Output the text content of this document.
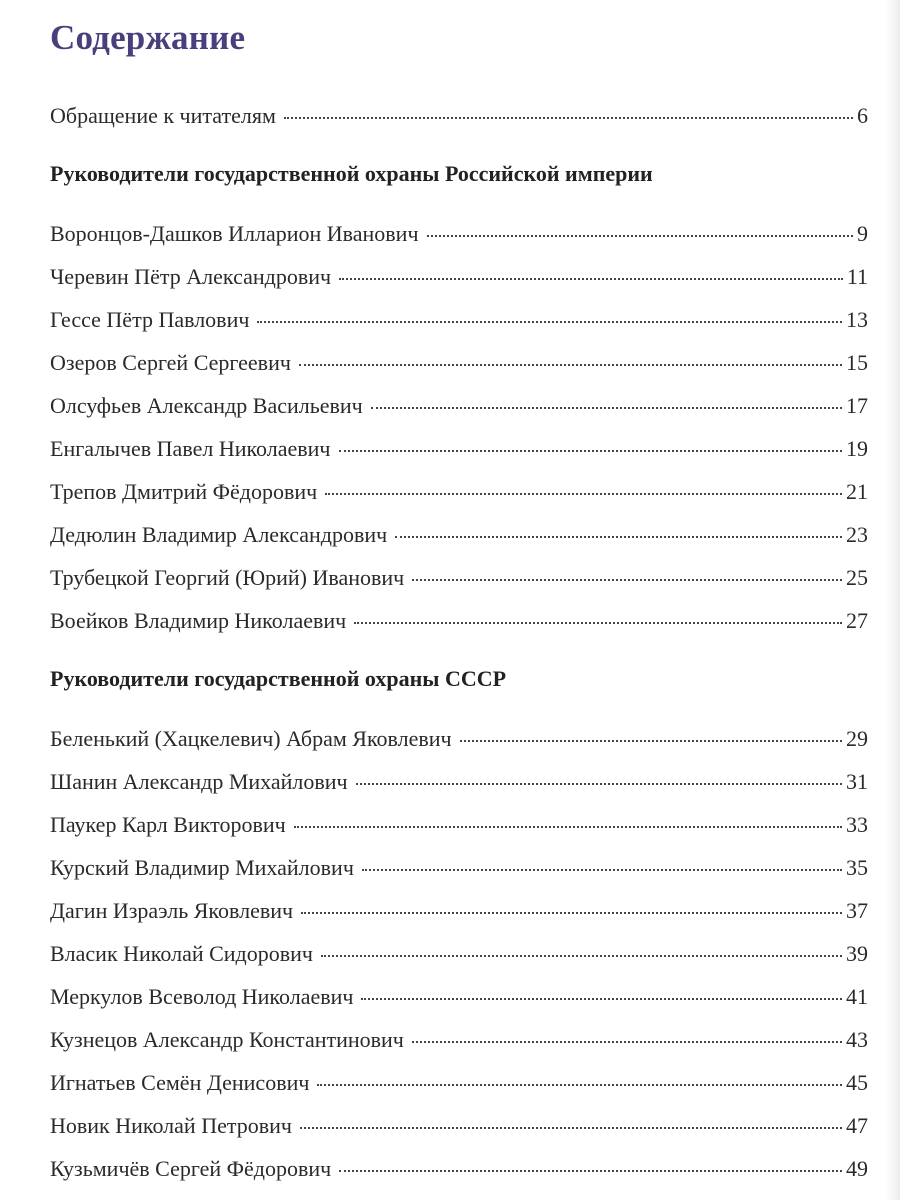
Содержание
Обращение к читателям	6
Руководители государственной охраны Российской империи
Воронцов-Дашков Илларион Иванович	9
Черевин Пётр Александрович	11
Гессе Пётр Павлович	13
Озеров Сергей Сергеевич	15
Олсуфьев Александр Васильевич	17
Енгалычев Павел Николаевич	19
Трепов Дмитрий Фёдорович	21
Дедюлин Владимир Александрович	23
Трубецкой Георгий (Юрий) Иванович	25
Воейков Владимир Николаевич	27
Руководители государственной охраны СССР
Беленький (Хацкелевич) Абрам Яковлевич	29
Шанин Александр Михайлович	31
Паукер Карл Викторович	33
Курский Владимир Михайлович	35
Дагин Израэль Яковлевич	37
Власик Николай Сидорович	39
Меркулов Всеволод Николаевич	41
Кузнецов Александр Константинович	43
Игнатьев Семён Денисович	45
Новик Николай Петрович	47
Кузьмичёв Сергей Фёдорович	49
